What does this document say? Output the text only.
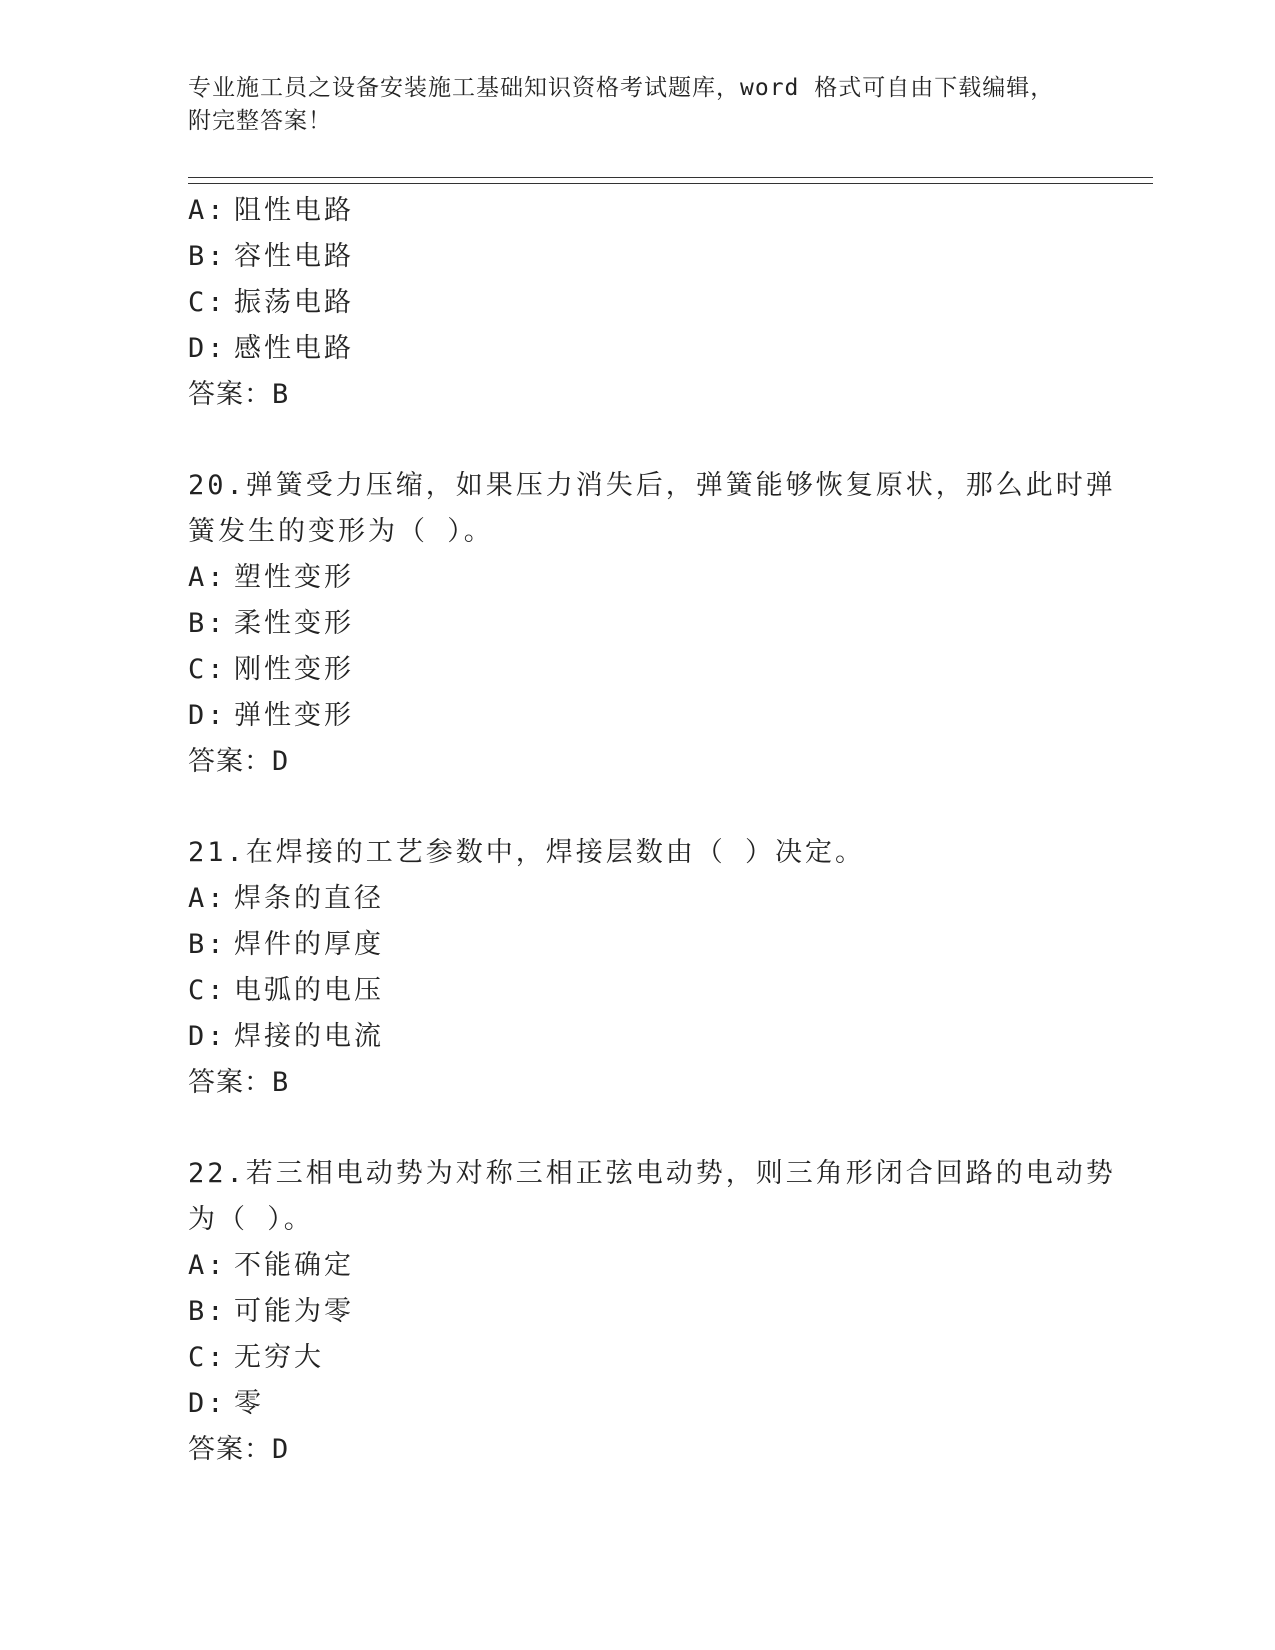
专业施工员之设备安装施工基础知识资格考试题库，word 格式可自由下载编辑，
附完整答案！
A: 阻性电路
B: 容性电路
C: 振荡电路
D: 感性电路
答案：B
20.弹簧受力压缩，如果压力消失后，弹簧能够恢复原状，那么此时弹
簧发生的变形为（ ）。
A: 塑性变形
B: 柔性变形
C: 刚性变形
D: 弹性变形
答案：D
21.在焊接的工艺参数中，焊接层数由（ ）决定。
A: 焊条的直径
B: 焊件的厚度
C: 电弧的电压
D: 焊接的电流
答案：B
22.若三相电动势为对称三相正弦电动势，则三角形闭合回路的电动势
为（ ）。
A: 不能确定
B: 可能为零
C: 无穷大
D: 零
答案：D
